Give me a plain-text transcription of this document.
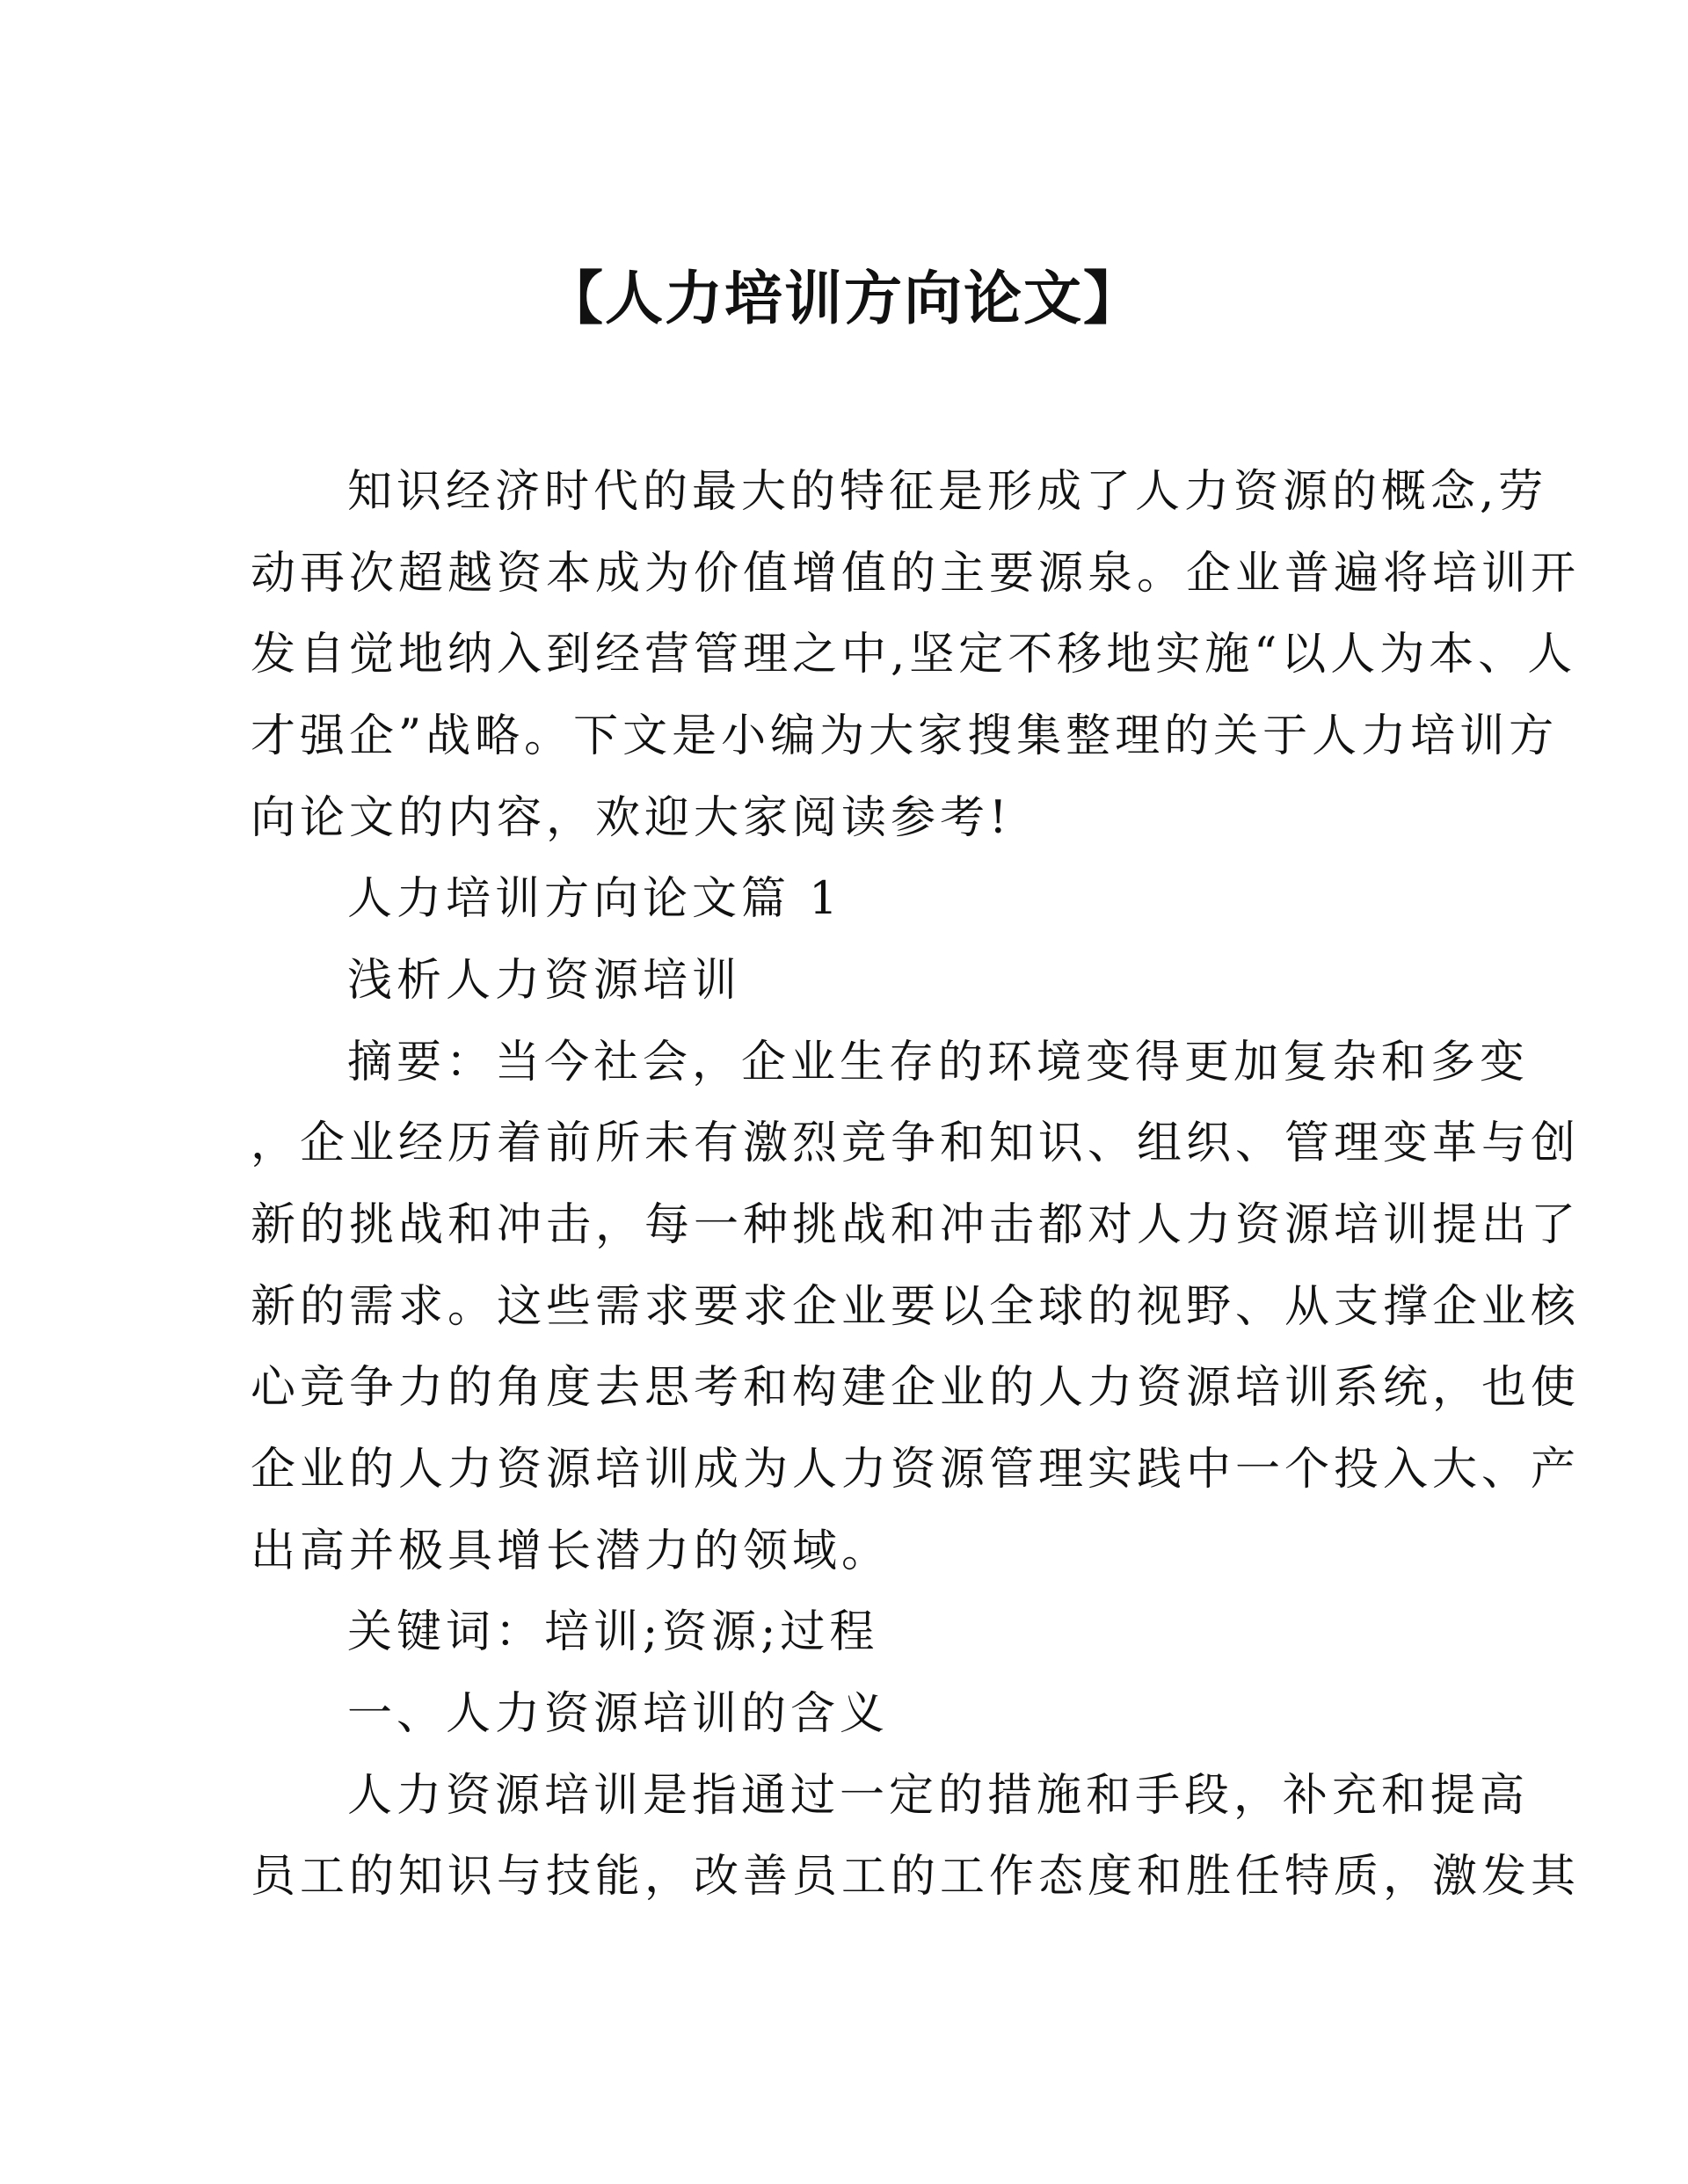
【人力培训方向论文】
知识经济时代的最大的特征是形成了人力资源的概念,劳
动再次超越资本成为价值增值的主要源泉。企业普遍将培训开
发自觉地纳入到经营管理之中,坚定不移地实施“以人为本、人
才强企”战略。下文是小编为大家搜集整理的关于人力培训方
向论文的内容，欢迎大家阅读参考!
人力培训方向论文篇 1
浅析人力资源培训
摘要：当今社会，企业生存的环境变得更加复杂和多变
，企业经历着前所未有激烈竞争和知识、组织、管理变革与创
新的挑战和冲击，每一种挑战和冲击都对人力资源培训提出了
新的需求。这些需求要求企业要以全球的视野、从支撑企业核
心竞争力的角度去思考和构建企业的人力资源培训系统，也使
企业的人力资源培训成为人力资源管理实践中一个投入大、产
出高并极具增长潜力的领域。
关键词：培训;资源;过程
一、人力资源培训的含义
人力资源培训是指通过一定的措施和手段，补充和提高
员工的知识与技能，改善员工的工作态度和胜任特质，激发其
